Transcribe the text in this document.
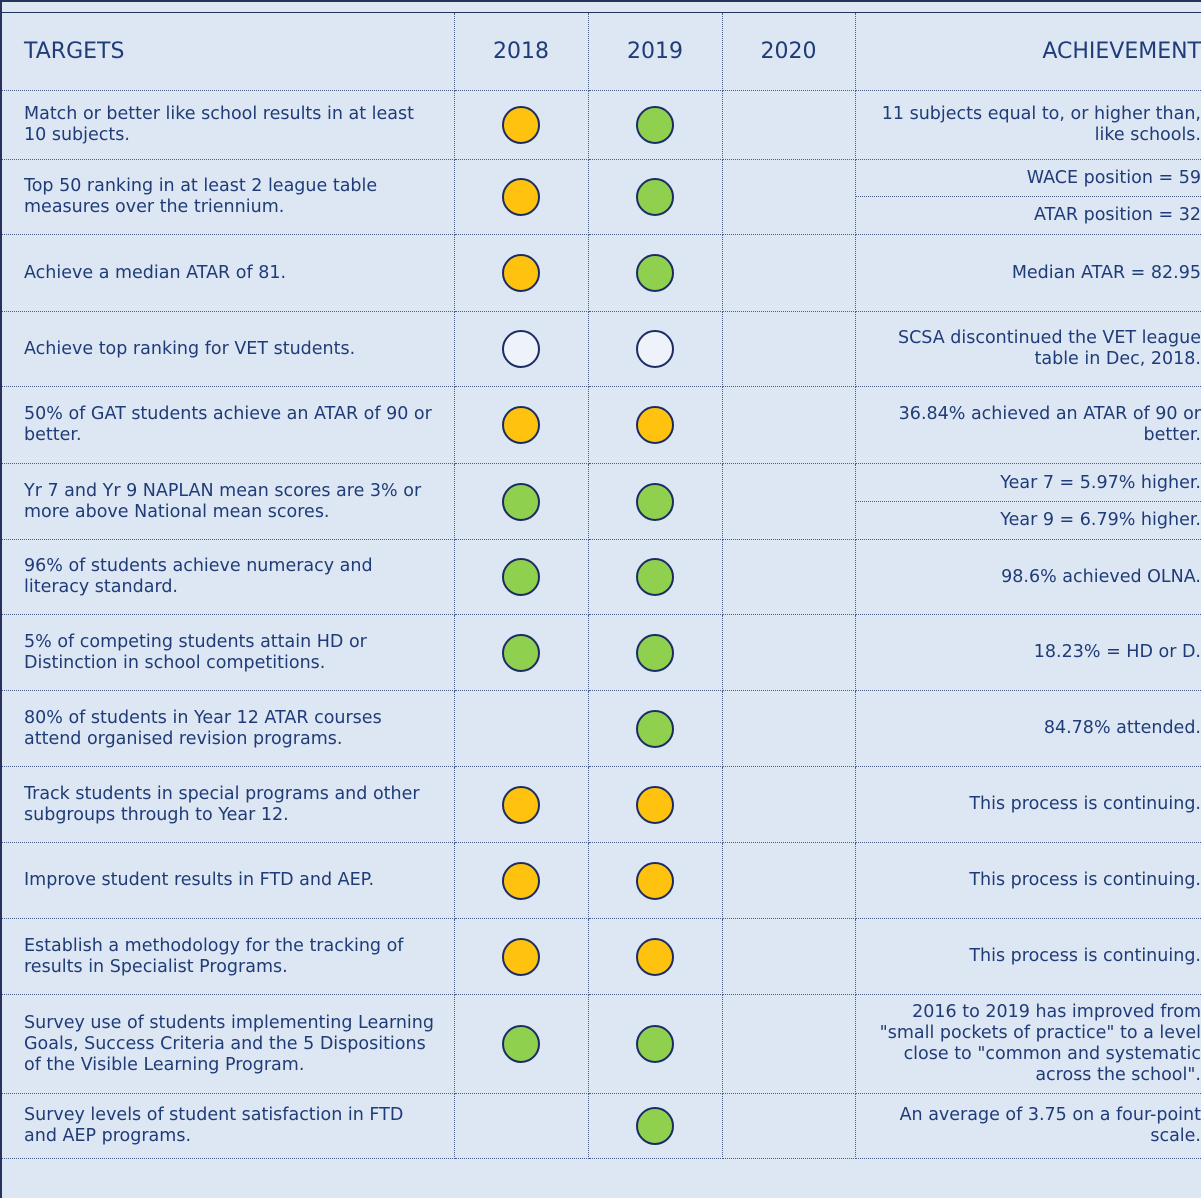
TARGETS	2018	2019	2020	ACHIEVEMENT
Match or better like school results in at least 10 subjects.				11 subjects equal to, or higher than, like schools.
Top 50 ranking in at least 2 league table measures over the triennium.				WACE position = 59
ATAR position = 32

Achieve a median ATAR of 81.				Median ATAR = 82.95
Achieve top ranking for VET students.				SCSA discontinued the VET league table in Dec, 2018.
50% of GAT students achieve an ATAR of 90 or better.				36.84% achieved an ATAR of 90 or better.
Yr 7 and Yr 9 NAPLAN mean scores are 3% or more above National mean scores.				Year 7 = 5.97% higher.
Year 9 = 6.79% higher.

96% of students achieve numeracy and literacy standard.				98.6% achieved OLNA.
5% of competing students attain HD or Distinction in school competitions.				18.23% = HD or D.
80% of students in Year 12 ATAR courses attend organised revision programs.				84.78% attended.
Track students in special programs and other subgroups through to Year 12.				This process is continuing.
Improve student results in FTD and AEP.				This process is continuing.
Establish a methodology for the tracking of results in Specialist Programs.				This process is continuing.
Survey use of students implementing Learning Goals, Success Criteria and the 5 Dispositions of the Visible Learning Program.				2016 to 2019 has improved from "small pockets of practice" to a level close to "common and systematic across the school".
Survey levels of student satisfaction in FTD and AEP programs.				An average of 3.75 on a four-point scale.
